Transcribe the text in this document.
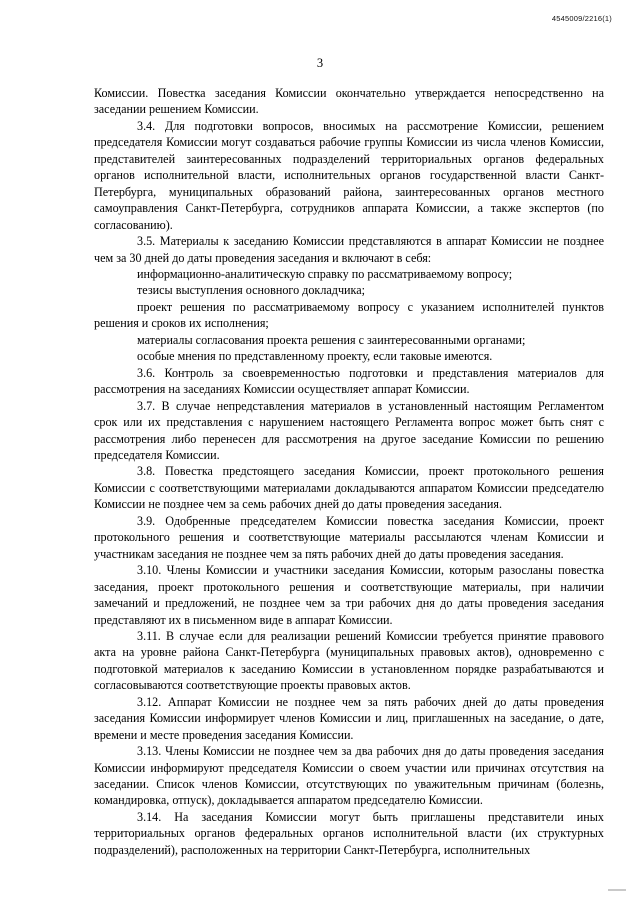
4545009/2216(1)
3

Комиссии. Повестка заседания Комиссии окончательно утверждается непосредственно на заседании решением Комиссии.

3.4. Для подготовки вопросов, вносимых на рассмотрение Комиссии, решением председателя Комиссии могут создаваться рабочие группы Комиссии из числа членов Комиссии, представителей заинтересованных подразделений территориальных органов федеральных органов исполнительной власти, исполнительных органов государственной власти Санкт-Петербурга, муниципальных образований района, заинтересованных органов местного самоуправления Санкт-Петербурга, сотрудников аппарата Комиссии, а также экспертов (по согласованию).

3.5. Материалы к заседанию Комиссии представляются в аппарат Комиссии не позднее чем за 30 дней до даты проведения заседания и включают в себя:

информационно-аналитическую справку по рассматриваемому вопросу;

тезисы выступления основного докладчика;

проект решения по рассматриваемому вопросу с указанием исполнителей пунктов решения и сроков их исполнения;

материалы согласования проекта решения с заинтересованными органами;

особые мнения по представленному проекту, если таковые имеются.

3.6. Контроль за своевременностью подготовки и представления материалов для рассмотрения на заседаниях Комиссии осуществляет аппарат Комиссии.

3.7. В случае непредставления материалов в установленный настоящим Регламентом срок или их представления с нарушением настоящего Регламента вопрос может быть снят с рассмотрения либо перенесен для рассмотрения на другое заседание Комиссии по решению председателя Комиссии.

3.8. Повестка предстоящего заседания Комиссии, проект протокольного решения Комиссии с соответствующими материалами докладываются аппаратом Комиссии председателю Комиссии не позднее чем за семь рабочих дней до даты проведения заседания.

3.9. Одобренные председателем Комиссии повестка заседания Комиссии, проект протокольного решения и соответствующие материалы рассылаются членам Комиссии и участникам заседания не позднее чем за пять рабочих дней до даты проведения заседания.

3.10. Члены Комиссии и участники заседания Комиссии, которым разосланы повестка заседания, проект протокольного решения и соответствующие материалы, при наличии замечаний и предложений, не позднее чем за три рабочих дня до даты проведения заседания представляют их в письменном виде в аппарат Комиссии.

3.11. В случае если для реализации решений Комиссии требуется принятие правового акта на уровне района Санкт-Петербурга (муниципальных правовых актов), одновременно с подготовкой материалов к заседанию Комиссии в установленном порядке разрабатываются и согласовываются соответствующие проекты правовых актов.

3.12. Аппарат Комиссии не позднее чем за пять рабочих дней до даты проведения заседания Комиссии информирует членов Комиссии и лиц, приглашенных на заседание, о дате, времени и месте проведения заседания Комиссии.

3.13. Члены Комиссии не позднее чем за два рабочих дня до даты проведения заседания Комиссии информируют председателя Комиссии о своем участии или причинах отсутствия на заседании. Список членов Комиссии, отсутствующих по уважительным причинам (болезнь, командировка, отпуск), докладывается аппаратом председателю Комиссии.

3.14. На заседания Комиссии могут быть приглашены представители иных территориальных органов федеральных органов исполнительной власти (их структурных подразделений), расположенных на территории Санкт-Петербурга, исполнительных
